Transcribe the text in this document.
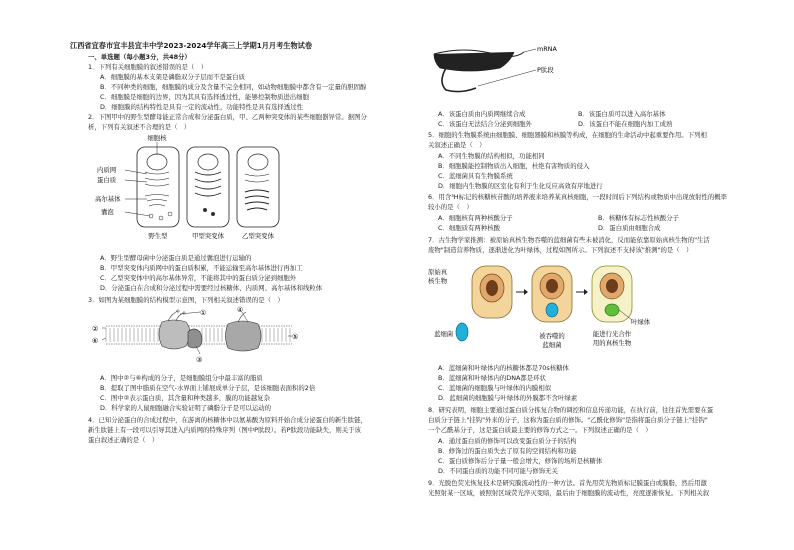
江西省宜春市宜丰县宜丰中学2023-2024学年高三上学期1月月考生物试卷
一、单选题（每小题3分，共48分）
1．下列有关细胞膜的叙述错误的是（　）
A．细胞膜的基本支架是磷脂双分子层而不是蛋白质
B．不同种类的细胞，细胞膜的成分及含量不完全相同，如动物细胞膜中都含有一定量的胆固醇
C．细胞膜是细胞的边界，因为其具有选择透过性，能够控制物质进出细胞
D．细胞膜的结构特性是具有一定的流动性，功能特性是具有选择透过性
2．下图甲中的野生型酵母能正常合成和分泌蛋白质，甲、乙两种突变体的某些细胞器异常。据图分
析，下列有关叙述不合理的是（　）
细胞核
内质网
蛋白质
高尔基体
囊泡
野生型	甲型突变体	乙型突变体
A．野生型酵母菌中分泌蛋白质是通过囊泡进行运输的
B．甲型突变体内质网中的蛋白质积累，不能运输至高尔基体进行再加工
C．乙型突变体中的高尔基体异常，不能将其中的蛋白质分泌到细胞外
D．分泌蛋白在合成和分泌过程中需要经过核糖体、内质网、高尔基体和线粒体
3．如图为某细胞膜的结构模型示意图，下列相关叙述错误的是（　）
①
②
⑥
③
④
⑤
A．图中②与⑥构成的分子，是细胞膜组分中最丰富的脂质
B．提取了图中脂质在空气-水界面上铺展成单分子层，是该细胞表面积的2倍
C．图中②表示蛋白质，其含量和种类越多，膜的功能越复杂
D．科学家的人鼠细胞融合实验证明了磷脂分子是可以运动的
4．已知分泌蛋白的合成过程中，在游离的核糖体中以氨基酸为原料开始合成分泌蛋白的新生肽链，
新生肽链上有一段可以引导其进入内质网的特殊序列（图中P肽段）。若P肽段功能缺失，则关于该
蛋白叙述正确的是（　）
mRNA
P肽段
A．该蛋白质由内质网继续合成	B．该蛋白质可以进入高尔基体
C．该蛋白无法结合分泌到细胞外	D．该蛋白不能在细胞内加工成熟
5．细胞的生物膜系统由细胞膜、细胞器膜和核膜等构成，在细胞的生命活动中起重要作用。下列相
关叙述正确是（　）
A．不同生物膜的结构相似，功能相同
B．细胞膜能控制物质出入细胞，杜绝有害物质的侵入
C．蓝细菌具有生物膜系统
D．细胞内生物膜的区室化有利于生化反应高效有序地进行
6．用含³H标记的核糖核苷酸的培养液来培养某真核细胞，一段时间后下列结构或物质中出现放射性的概率
较小的是（　）
A．细胞核有两种核酸分子	B．核糖体有标志性核酸分子
C．细胞质有两种核酸	D．蛋白质由细胞合成
7．古生物学家推测：被原始真核生物吞噬的蓝细菌有些未被消化，反而能依靠原始真核生物的"生活
废物"制造营养物质，逐渐进化为叶绿体，过程如图所示。下列叙述不支持该"推测"的是（　）
原始真
核生物
蓝细菌	被吞噬的
蓝细菌
叶绿体
能进行光合作
用的真核生物
A．蓝细菌和叶绿体内的核糖体都是70s核糖体
B．蓝细菌和叶绿体内的DNA都是环状
C．蓝细菌的细胞膜与叶绿体的内膜相似
D．蓝细菌的细胞膜与叶绿体的外膜都不含叶绿素
8．研究表明，细胞主要通过蛋白质分拣复合物的调控和信息传递功能，在执行前，往往首先需要在蛋
白质分子链上"挂钩"外来的分子，这称为蛋白质的修饰。"乙酰化修饰"是指将蛋白质分子链上"挂钩"
一个乙酰基分子，这是蛋白质最主要的修饰方式之一。下列叙述正确的是（　）
A．通过蛋白质的修饰可以改变蛋白质分子的结构
B．修饰过的蛋白质失去了原有的空间结构和功能
C．蛋白质修饰后分子量一般会增大，修饰的场所是核糖体
D．不同蛋白质的功能不同可能与修饰无关
9．光脱色荧光恢复技术是研究膜流动性的一种方法。首先用荧光物质标记膜蛋白或膜脂，然后用激
光照射某一区域，被照射区域荧光淬灭变暗，最后由于细胞膜的流动性，亮度逐渐恢复。下列相关叙
